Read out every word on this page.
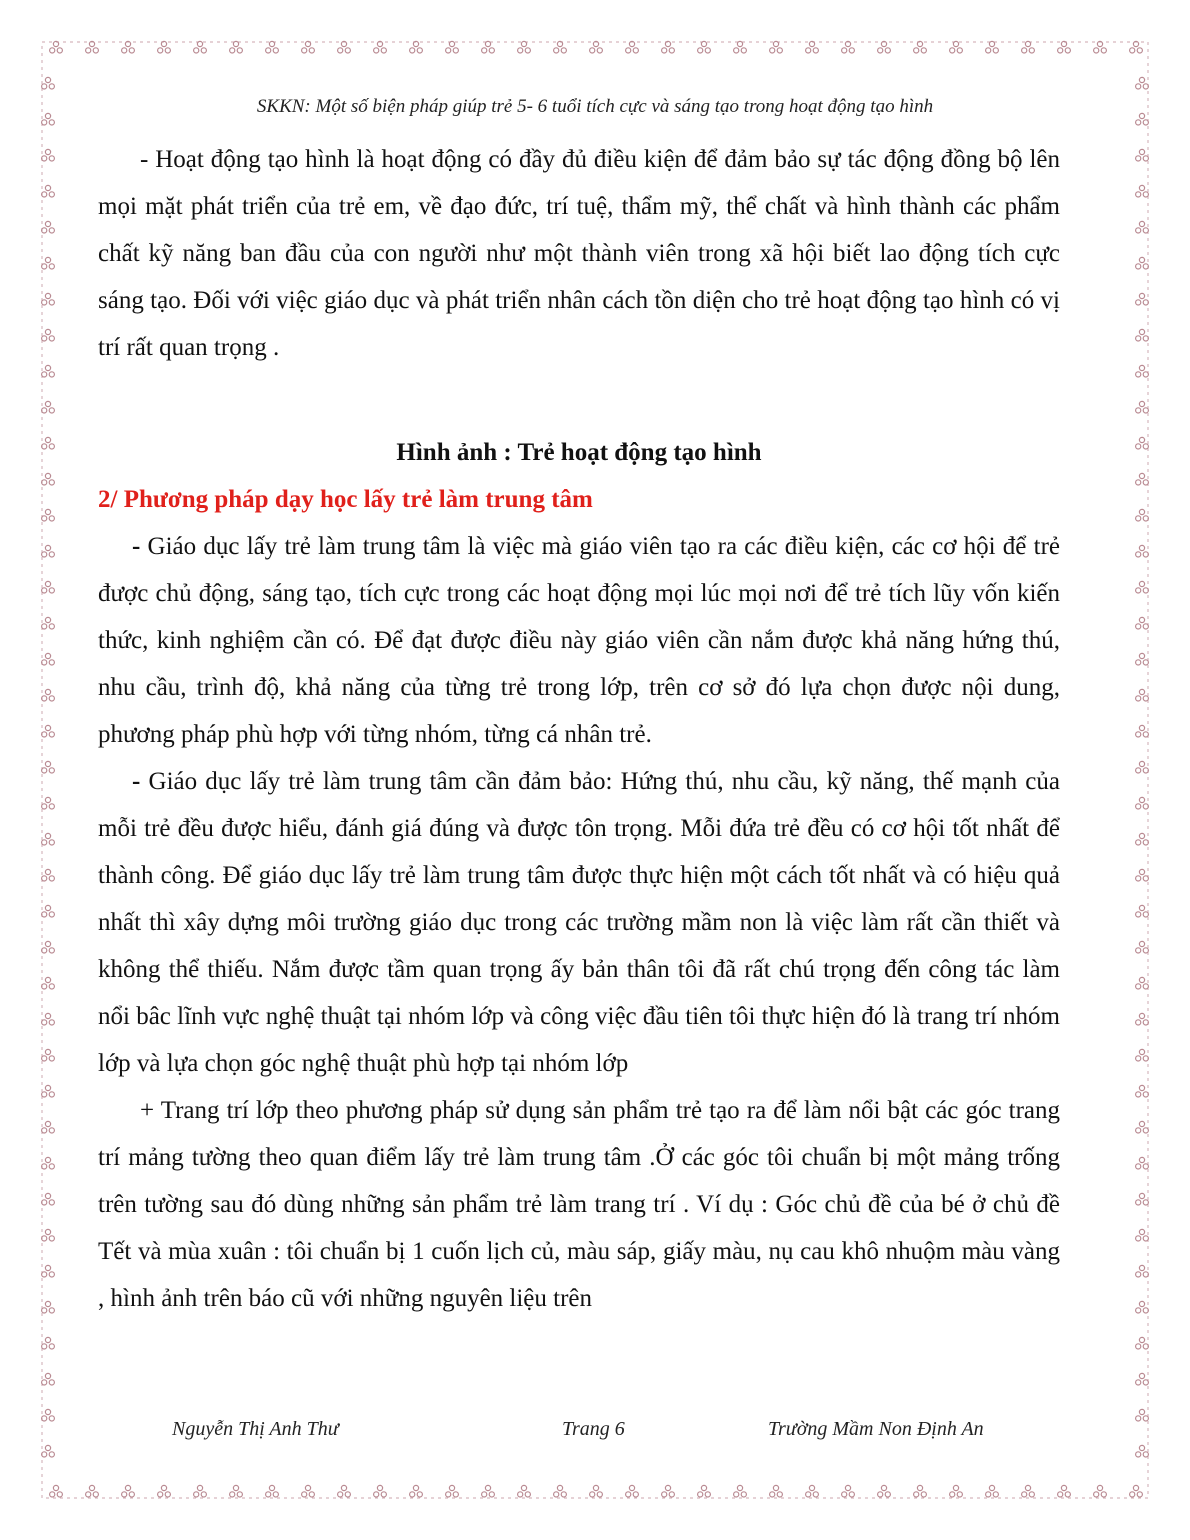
SKKN: Một số biện pháp giúp trẻ 5- 6 tuổi tích cực và sáng tạo trong hoạt động tạo hình

- Hoạt động tạo hình là hoạt động có đầy đủ điều kiện để đảm bảo sự tác động đồng bộ lên mọi mặt phát triển của trẻ em, về đạo đức, trí tuệ, thẩm mỹ, thể chất và hình thành các phẩm chất kỹ năng ban đầu của con người như một thành viên trong xã hội biết lao động tích cực sáng tạo. Đối với việc giáo dục và phát triển nhân cách tồn diện cho trẻ hoạt động tạo hình có vị trí rất quan trọng .

Hình ảnh : Trẻ hoạt động tạo hình

2/ Phương pháp dạy học lấy trẻ làm trung tâm

- Giáo dục lấy trẻ làm trung tâm là việc mà giáo viên tạo ra các điều kiện, các cơ hội để trẻ được chủ động, sáng tạo, tích cực trong các hoạt động mọi lúc mọi nơi để trẻ tích lũy vốn kiến thức, kinh nghiệm cần có. Để đạt được điều này giáo viên cần nắm được khả năng hứng thú, nhu cầu, trình độ, khả năng của từng trẻ trong lớp, trên cơ sở đó lựa chọn được nội dung, phương pháp phù hợp với từng nhóm, từng cá nhân trẻ.

- Giáo dục lấy trẻ làm trung tâm cần đảm bảo: Hứng thú, nhu cầu, kỹ năng, thế mạnh của mỗi trẻ đều được hiểu, đánh giá đúng và được tôn trọng. Mỗi đứa trẻ đều có cơ hội tốt nhất để thành công. Để giáo dục lấy trẻ làm trung tâm được thực hiện một cách tốt nhất và có hiệu quả nhất thì xây dựng môi trường giáo dục trong các trường mầm non là việc làm rất cần thiết và không thể thiếu. Nắm được tầm quan trọng ấy bản thân tôi đã rất chú trọng đến công tác làm nổi bâc lĩnh vực nghệ thuật tại nhóm lớp và công việc đầu tiên tôi thực hiện đó là trang trí nhóm lớp và lựa chọn góc nghệ thuật phù hợp tại nhóm lớp

+ Trang trí lớp theo phương pháp sử dụng sản phẩm trẻ tạo ra để làm nổi bật các góc trang trí mảng tường theo quan điểm lấy trẻ làm trung tâm .Ở các góc tôi chuẩn bị một mảng trống trên tường sau đó dùng những sản phẩm trẻ làm trang trí . Ví dụ : Góc chủ đề của bé ở chủ đề Tết và mùa xuân : tôi chuẩn bị 1 cuốn lịch củ, màu sáp, giấy màu, nụ cau khô nhuộm màu vàng , hình ảnh trên báo cũ với những nguyên liệu trên

Nguyễn Thị Anh Thư	Trang 6	Trường Mầm Non Định An
